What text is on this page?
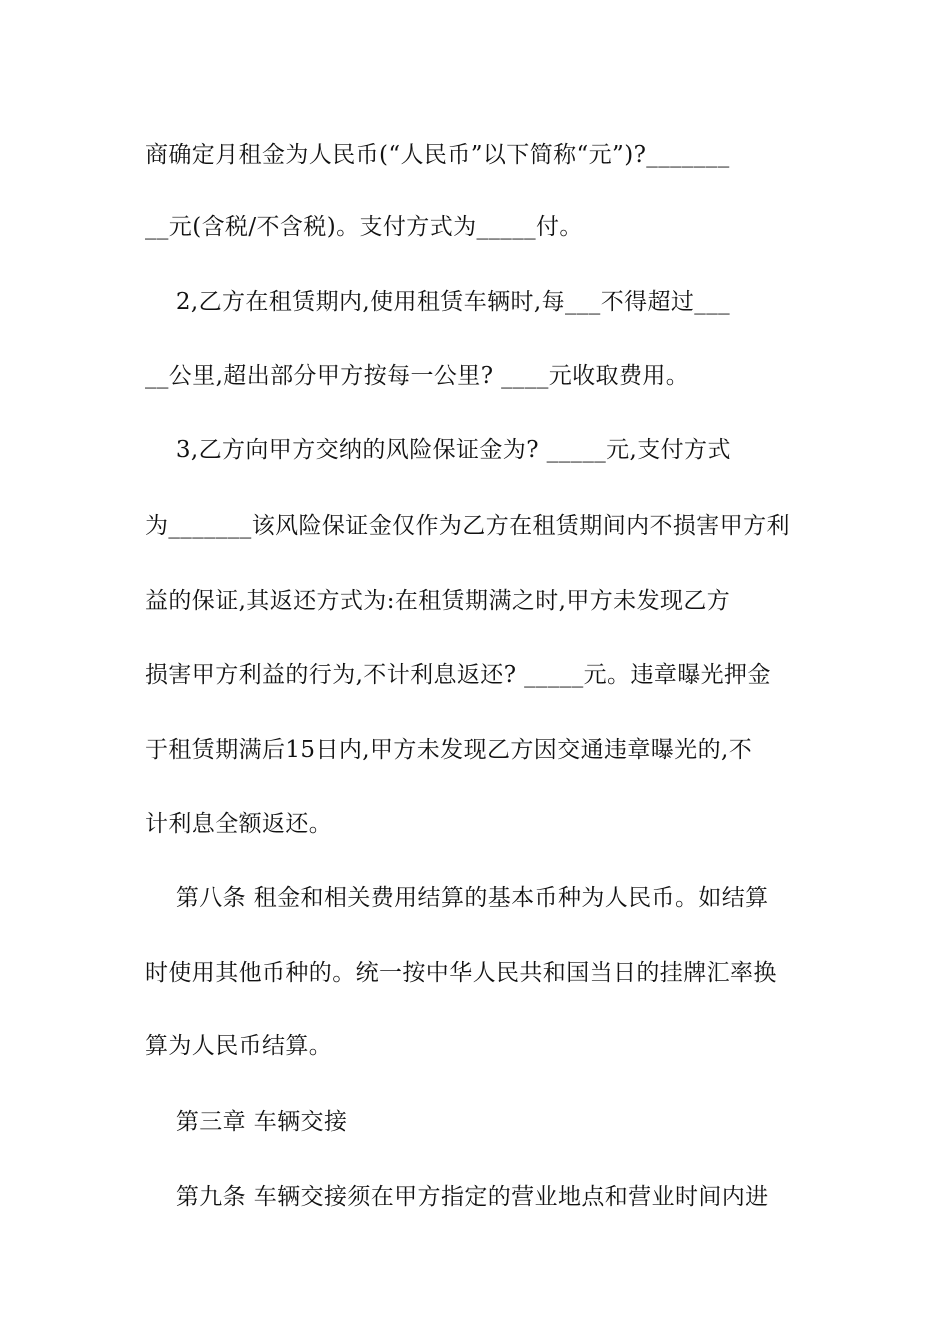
商确定月租金为人民币(“人民币”以下简称“元”)?_______
__元(含税/不含税)。支付方式为_____付。
2,乙方在租赁期内,使用租赁车辆时,每___不得超过___
__公里,超出部分甲方按每一公里? ____元收取费用。
3,乙方向甲方交纳的风险保证金为? _____元,支付方式
为_______该风险保证金仅作为乙方在租赁期间内不损害甲方利
益的保证,其返还方式为:在租赁期满之时,甲方未发现乙方
损害甲方利益的行为,不计利息返还? _____元。违章曝光押金
于租赁期满后15日内,甲方未发现乙方因交通违章曝光的,不
计利息全额返还。
第八条 租金和相关费用结算的基本币种为人民币。如结算
时使用其他币种的。统一按中华人民共和国当日的挂牌汇率换
算为人民币结算。
第三章 车辆交接
第九条 车辆交接须在甲方指定的营业地点和营业时间内进
